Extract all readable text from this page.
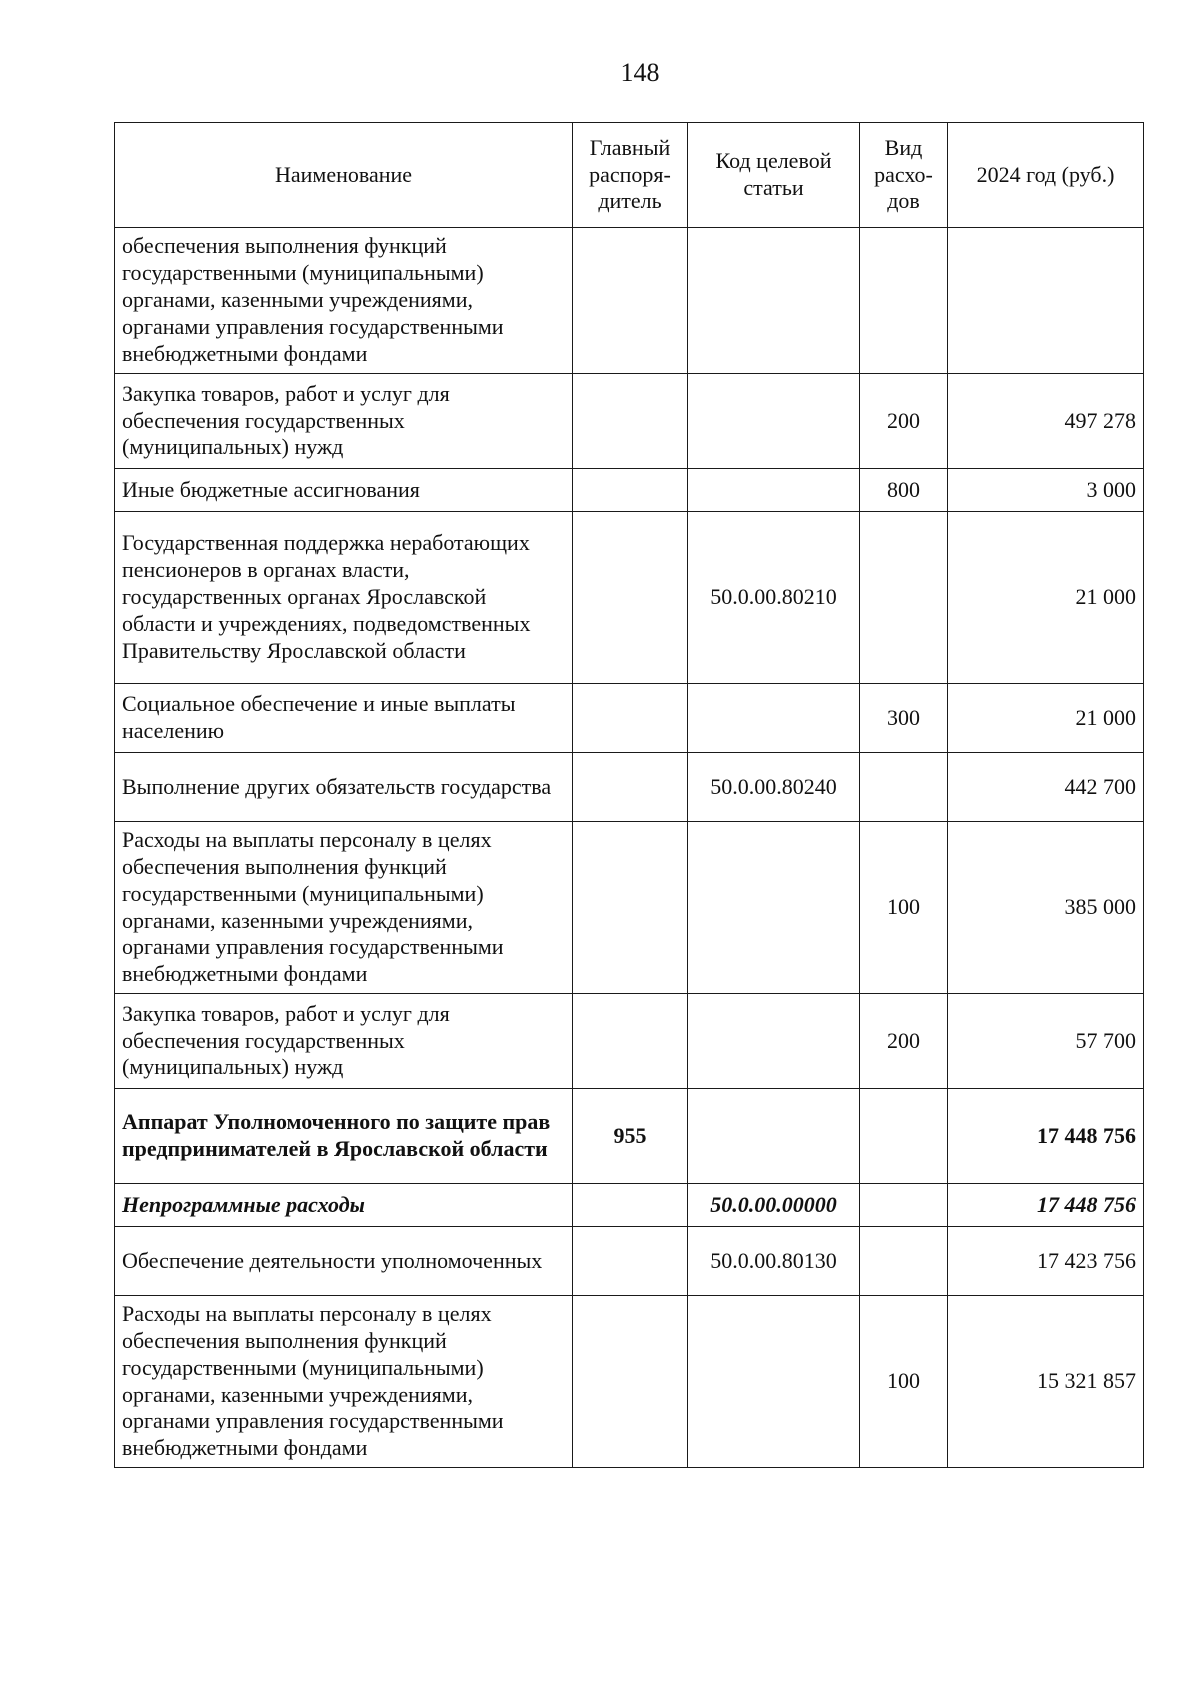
148
Наименование	Главный распоря-дитель	Код целевой статьи	Вид расхо-дов	2024 год (руб.)
обеспечения выполнения функций государственными (муниципальными) органами, казенными учреждениями, органами управления государственными внебюджетными фондами				
Закупка товаров, работ и услуг для обеспечения государственных (муниципальных) нужд			200	497 278
Иные бюджетные ассигнования			800	3 000
Государственная поддержка неработающих пенсионеров в органах власти, государственных органах Ярославской области и учреждениях, подведомственных Правительству Ярославской области		50.0.00.80210		21 000
Социальное обеспечение и иные выплаты населению			300	21 000
Выполнение других обязательств государства		50.0.00.80240		442 700
Расходы на выплаты персоналу в целях обеспечения выполнения функций государственными (муниципальными) органами, казенными учреждениями, органами управления государственными внебюджетными фондами			100	385 000
Закупка товаров, работ и услуг для обеспечения государственных (муниципальных) нужд			200	57 700
Аппарат Уполномоченного по защите прав предпринимателей в Ярославской области	955			17 448 756
Непрограммные расходы		50.0.00.00000		17 448 756
Обеспечение деятельности уполномоченных		50.0.00.80130		17 423 756
Расходы на выплаты персоналу в целях обеспечения выполнения функций государственными (муниципальными) органами, казенными учреждениями, органами управления государственными внебюджетными фондами			100	15 321 857
